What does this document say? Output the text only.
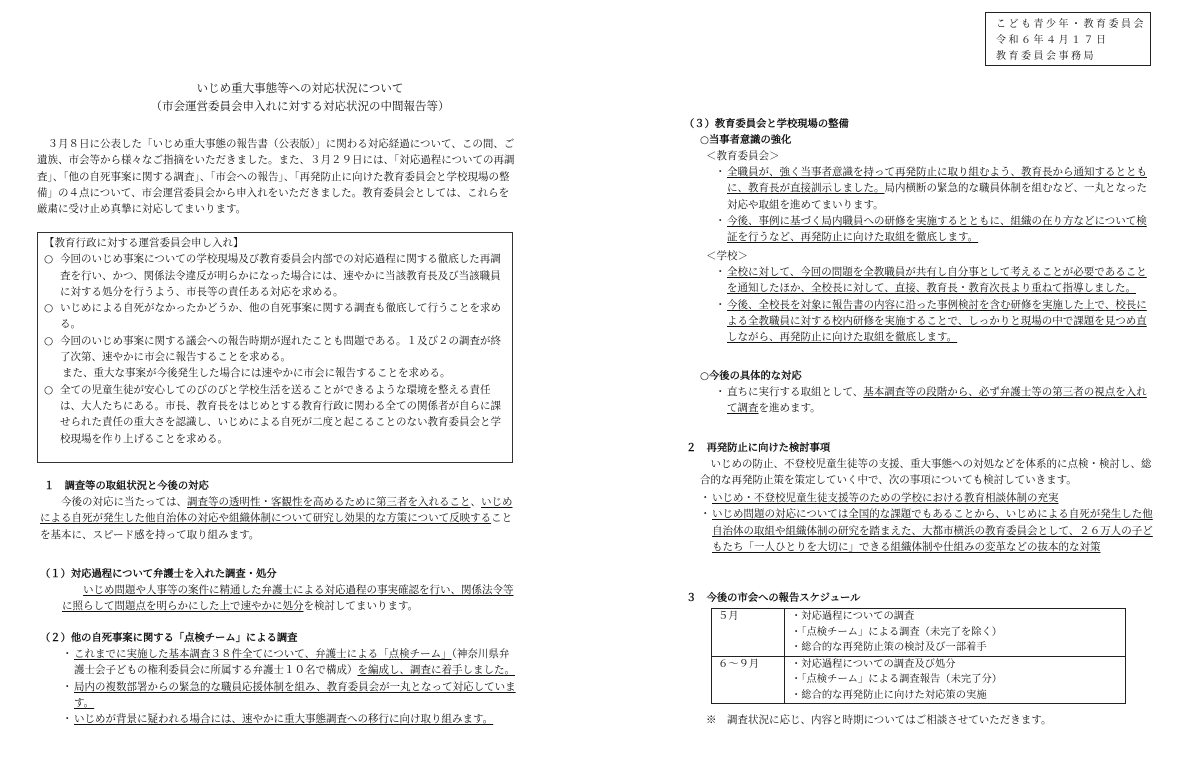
こども青少年・教育委員会
令和６年４月１７日
教育委員会事務局
いじめ重大事態等への対応状況について
（市会運営委員会申入れに対する対応状況の中間報告等）

３月８日に公表した「いじめ重大事態の報告書（公表版）」に関わる対応経過について、この間、ご遺族、市会等から様々なご指摘をいただきました。また、３月２９日には、「対応過程についての再調査」、「他の自死事案に関する調査」、「市会への報告」、「再発防止に向けた教育委員会と学校現場の整備」の４点について、市会運営委員会から申入れをいただきました。教育委員会としては、これらを厳粛に受け止め真摯に対応してまいります。

【教育行政に対する運営委員会申し入れ】
○ 今回のいじめ事案についての学校現場及び教育委員会内部での対応過程に関する徹底した再調査を行い、かつ、関係法令違反が明らかになった場合には、速やかに当該教育長及び当該職員に対する処分を行うよう、市長等の責任ある対応を求める。
○ いじめによる自死がなかったかどうか、他の自死事案に関する調査も徹底して行うことを求める。
○ 今回のいじめ事案に関する議会への報告時期が遅れたことも問題である。１及び２の調査が終了次第、速やかに市会に報告することを求める。
また、重大な事案が今後発生した場合には速やかに市会に報告することを求める。
○ 全ての児童生徒が安心してのびのびと学校生活を送ることができるような環境を整える責任は、大人たちにある。市長、教育長をはじめとする教育行政に関わる全ての関係者が自らに課せられた責任の重大さを認識し、いじめによる自死が二度と起こることのない教育委員会と学校現場を作り上げることを求める。
１　調査等の取組状況と今後の対応

今後の対応に当たっては、調査等の透明性・客観性を高めるために第三者を入れること、いじめによる自死が発生した他自治体の対応や組織体制について研究し効果的な方策について反映することを基本に、スピード感を持って取り組みます。

（１）対応過程について弁護士を入れた調査・処分

いじめ問題や人事等の案件に精通した弁護士による対応過程の事実確認を行い、関係法令等に照らして問題点を明らかにした上で速やかに処分を検討してまいります。

（２）他の自死事案に関する「点検チーム」による調査
・ これまでに実施した基本調査３８件全てについて、弁護士による「点検チーム」（神奈川県弁護士会子どもの権利委員会に所属する弁護士１０名で構成）を編成し、調査に着手しました。
・ 局内の複数部署からの緊急的な職員応援体制を組み、教育委員会が一丸となって対応しています。
・ いじめが背景に疑われる場合には、速やかに重大事態調査への移行に向け取り組みます。
（３）教育委員会と学校現場の整備
○当事者意識の強化
＜教育委員会＞
・ 全職員が、強く当事者意識を持って再発防止に取り組むよう、教育長から通知するとともに、教育長が直接訓示しました。局内横断の緊急的な職員体制を組むなど、一丸となった対応や取組を進めてまいります。
・ 今後、事例に基づく局内職員への研修を実施するとともに、組織の在り方などについて検証を行うなど、再発防止に向けた取組を徹底します。
＜学校＞
・ 全校に対して、今回の問題を全教職員が共有し自分事として考えることが必要であることを通知したほか、全校長に対して、直接、教育長・教育次長より重ねて指導しました。
・ 今後、全校長を対象に報告書の内容に沿った事例検討を含む研修を実施した上で、校長による全教職員に対する校内研修を実施することで、しっかりと現場の中で課題を見つめ直しながら、再発防止に向けた取組を徹底します。
○今後の具体的な対応
・ 直ちに実行する取組として、基本調査等の段階から、必ず弁護士等の第三者の視点を入れて調査を進めます。
２　再発防止に向けた検討事項

いじめの防止、不登校児童生徒等の支援、重大事態への対処などを体系的に点検・検討し、総合的な再発防止策を策定していく中で、次の事項についても検討していきます。

・ いじめ・不登校児童生徒支援等のための学校における教育相談体制の充実
・ いじめ問題の対応については全国的な課題でもあることから、いじめによる自死が発生した他自治体の取組や組織体制の研究を踏まえた、大都市横浜の教育委員会として、２６万人の子どもたち「一人ひとりを大切に」できる組織体制や仕組みの変革などの抜本的な対策
３　今後の市会への報告スケジュール
５月	・対応過程についての調査
・「点検チーム」による調査（未完了を除く）
・総合的な再発防止策の検討及び一部着手

６～９月	・対応過程についての調査及び処分
・「点検チーム」による調査報告（未完了分）
・総合的な再発防止に向けた対応策の実施
※　調査状況に応じ、内容と時期についてはご相談させていただきます。
